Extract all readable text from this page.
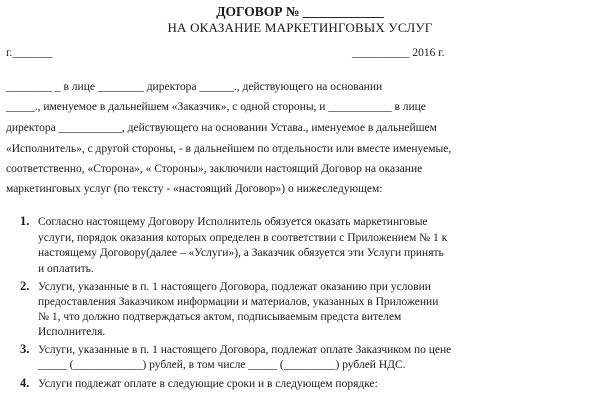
ДОГОВОР № ____________
НА ОКАЗАНИЕ МАРКЕТИНГОВЫХ УСЛУГ
г._______	__________ 2016 г.
________ _ в лице ________ директора ______., действующего на основании
_____., именуемое в дальнейшем «Заказчик», с одной стороны, и ___________ в лице
директора ___________, действующего на основании Устава., именуемое в дальнейшем
«Исполнитель», с другой стороны, - в дальнейшем по отдельности или вместе именуемые,
соответственно, «Сторона», « Стороны», заключили настоящий Договор на оказание
маркетинговых услуг (по тексту - «настоящий Договор») о нижеследующем:
1. Согласно настоящему Договору Исполнитель обязуется оказать маркетинговые
услуги, порядок оказания которых определен в соответствии с Приложением № 1 к
настоящему Договору(далее – «Услуги»), а Заказчик обязуется эти Услуги принять
и оплатить.
2. Услуги, указанные в п. 1 настоящего Договора, подлежат оказанию при условии
предоставления Заказчиком информации и материалов, указанных в Приложении
№ 1, что должно подтверждаться актом, подписываемым предста вителем
Исполнителя.
3. Услуги, указанные в п. 1 настоящего Договора, подлежат оплате Заказчиком по цене
_____ (____________) рублей, в том числе _____ (_________) рублей НДС.
4. Услуги подлежат оплате в следующие сроки и в следующем порядке:
